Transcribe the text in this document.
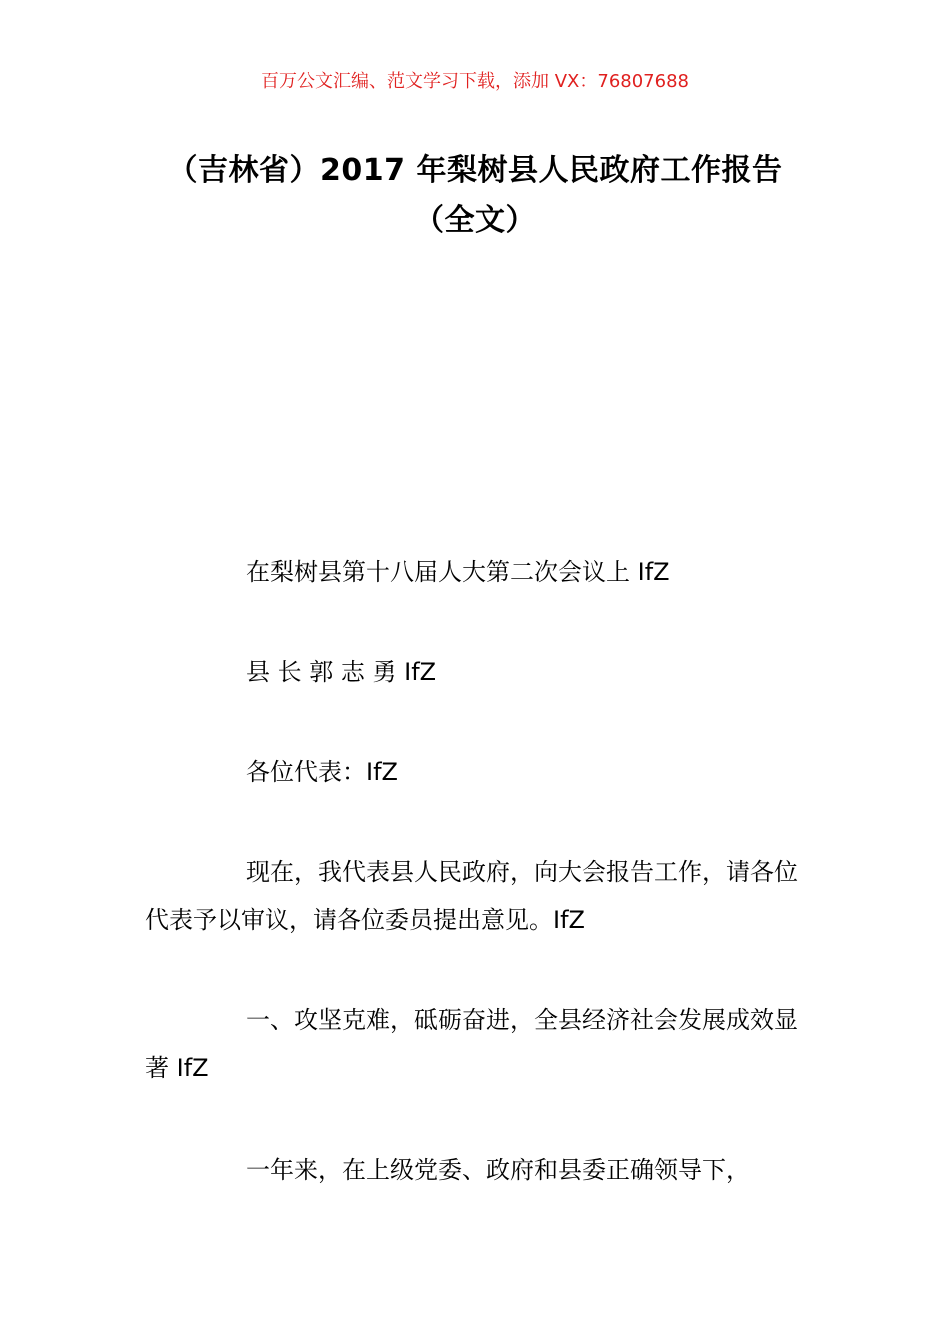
百万公文汇编、范文学习下载，添加 VX：76807688
（吉林省）2017 年梨树县人民政府工作报告（全文）
在梨树县第十八届人大第二次会议上 IfZ
县 长 郭 志 勇 IfZ
各位代表：IfZ
现在，我代表县人民政府，向大会报告工作，请各位代表予以审议，请各位委员提出意见。IfZ
一、攻坚克难，砥砺奋进，全县经济社会发展成效显著 IfZ
一年来，在上级党委、政府和县委正确领导下，
